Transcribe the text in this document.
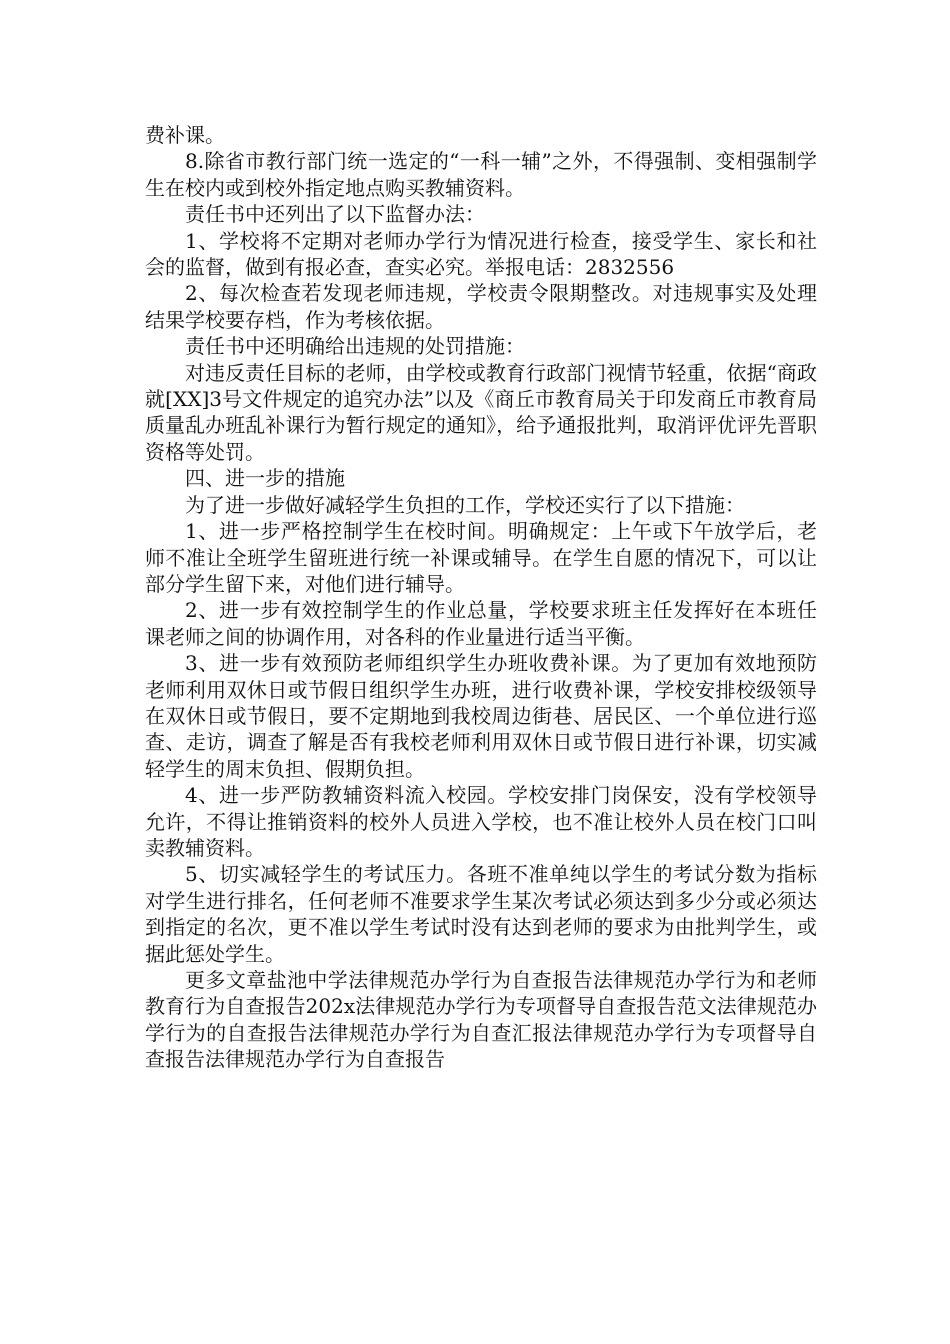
费补课。

8.除省市教行部门统一选定的“一科一辅”之外，不得强制、变相强制学生在校内或到校外指定地点购买教辅资料。

责任书中还列出了以下监督办法：

1、学校将不定期对老师办学行为情况进行检查，接受学生、家长和社会的监督，做到有报必查，查实必究。举报电话：2832556

2、每次检查若发现老师违规，学校责令限期整改。对违规事实及处理结果学校要存档，作为考核依据。

责任书中还明确给出违规的处罚措施：

对违反责任目标的老师，由学校或教育行政部门视情节轻重，依据“商政就[XX]3号文件规定的追究办法”以及《商丘市教育局关于印发商丘市教育局质量乱办班乱补课行为暂行规定的通知》，给予通报批判，取消评优评先晋职资格等处罚。

四、进一步的措施

为了进一步做好减轻学生负担的工作，学校还实行了以下措施：

1、进一步严格控制学生在校时间。明确规定：上午或下午放学后，老师不准让全班学生留班进行统一补课或辅导。在学生自愿的情况下，可以让部分学生留下来，对他们进行辅导。

2、进一步有效控制学生的作业总量，学校要求班主任发挥好在本班任课老师之间的协调作用，对各科的作业量进行适当平衡。

3、进一步有效预防老师组织学生办班收费补课。为了更加有效地预防老师利用双休日或节假日组织学生办班，进行收费补课，学校安排校级领导在双休日或节假日，要不定期地到我校周边街巷、居民区、一个单位进行巡查、走访，调查了解是否有我校老师利用双休日或节假日进行补课，切实减轻学生的周末负担、假期负担。

4、进一步严防教辅资料流入校园。学校安排门岗保安，没有学校领导允许，不得让推销资料的校外人员进入学校，也不准让校外人员在校门口叫卖教辅资料。

5、切实减轻学生的考试压力。各班不准单纯以学生的考试分数为指标对学生进行排名，任何老师不准要求学生某次考试必须达到多少分或必须达到指定的名次，更不准以学生考试时没有达到老师的要求为由批判学生，或据此惩处学生。

更多文章盐池中学法律规范办学行为自查报告法律规范办学行为和老师教育行为自查报告202x法律规范办学行为专项督导自查报告范文法律规范办学行为的自查报告法律规范办学行为自查汇报法律规范办学行为专项督导自查报告法律规范办学行为自查报告
